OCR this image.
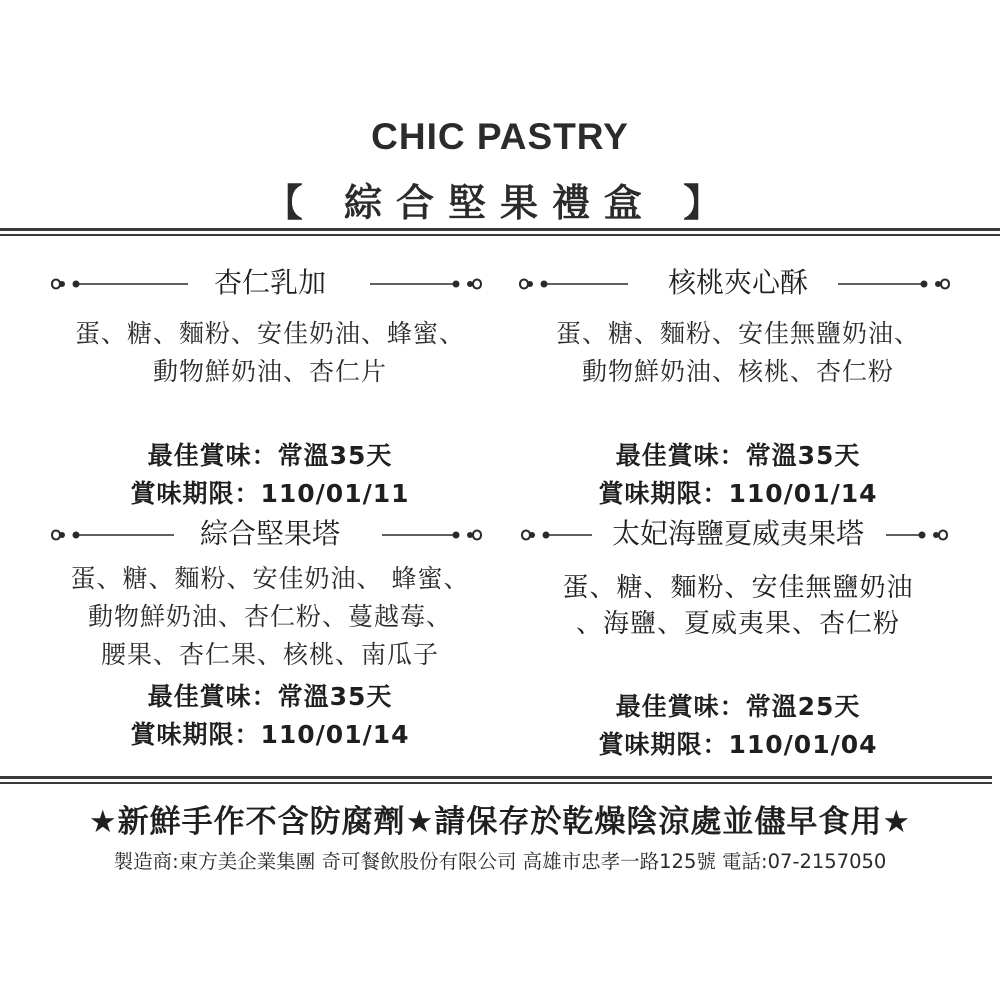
CHIC PASTRY
【 綜合堅果禮盒 】
杏仁乳加
蛋、糖、麵粉、安佳奶油、蜂蜜、
動物鮮奶油、杏仁片
最佳賞味：常溫35天
賞味期限：110/01/11
核桃夾心酥
蛋、糖、麵粉、安佳無鹽奶油、
動物鮮奶油、核桃、杏仁粉
最佳賞味：常溫35天
賞味期限：110/01/14
綜合堅果塔
蛋、糖、麵粉、安佳奶油、 蜂蜜、
動物鮮奶油、杏仁粉、蔓越莓、
腰果、杏仁果、核桃、南瓜子
最佳賞味：常溫35天
賞味期限：110/01/14
太妃海鹽夏威夷果塔
蛋、糖、麵粉、安佳無鹽奶油
、海鹽、夏威夷果、杏仁粉
最佳賞味：常溫25天
賞味期限：110/01/04
★新鮮手作不含防腐劑★請保存於乾燥陰涼處並儘早食用★
製造商:東方美企業集團 奇可餐飲股份有限公司 高雄市忠孝一路125號 電話:07-2157050
